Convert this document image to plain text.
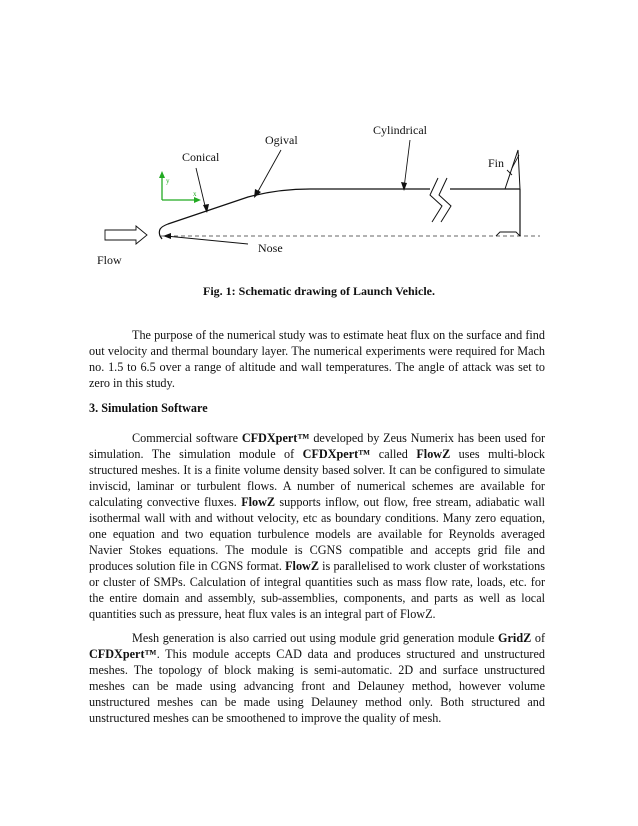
y
x
Cylindrical
Ogival
Conical	Fin
Nose
Flow
Fig. 1: Schematic drawing of Launch Vehicle.

The purpose of the numerical study was to estimate heat flux on the surface and find out velocity and thermal boundary layer. The numerical experiments were required for Mach no. 1.5 to 6.5 over a range of altitude and wall temperatures. The angle of attack was set to zero in this study.

3. Simulation Software

Commercial software CFDXpert™ developed by Zeus Numerix has been used for simulation. The simulation module of CFDXpert™ called FlowZ uses multi-block structured meshes. It is a finite volume density based solver. It can be configured to simulate inviscid, laminar or turbulent flows. A number of numerical schemes are available for calculating convective fluxes. FlowZ supports inflow, out flow, free stream, adiabatic wall isothermal wall with and without velocity, etc as boundary conditions. Many zero equation, one equation and two equation turbulence models are available for Reynolds averaged Navier Stokes equations. The module is CGNS compatible and accepts grid file and produces solution file in CGNS format. FlowZ is parallelised to work cluster of workstations or cluster of SMPs. Calculation of integral quantities such as mass flow rate, loads, etc. for the entire domain and assembly, sub-assemblies, components, and parts as well as local quantities such as pressure, heat flux vales is an integral part of FlowZ.

Mesh generation is also carried out using module grid generation module GridZ of CFDXpert™. This module accepts CAD data and produces structured and unstructured meshes. The topology of block making is semi-automatic. 2D and surface unstructured meshes can be made using advancing front and Delauney method, however volume unstructured meshes can be made using Delauney method only. Both structured and unstructured meshes can be smoothened to improve the quality of mesh.
